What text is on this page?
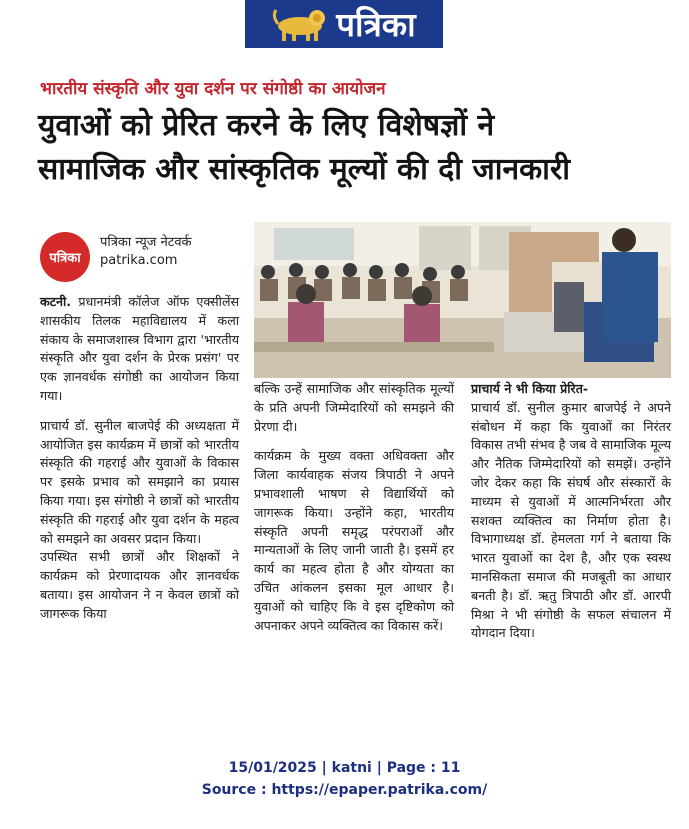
पत्रिका
भारतीय संस्कृति और युवा दर्शन पर संगोष्ठी का आयोजन
युवाओं को प्रेरित करने के लिए विशेषज्ञों ने
सामाजिक और सांस्कृतिक मूल्यों की दी जानकारी
पत्रिका
पत्रिका न्यूज नेटवर्क
patrika.com

कटनी. प्रधानमंत्री कॉलेज ऑफ एक्सीलेंस शासकीय तिलक महाविद्यालय में कला संकाय के समाजशास्त्र विभाग द्वारा 'भारतीय संस्कृति और युवा दर्शन के प्रेरक प्रसंग' पर एक ज्ञानवर्धक संगोष्ठी का आयोजन किया गया।

प्राचार्य डॉ. सुनील बाजपेई की अध्यक्षता में आयोजित इस कार्यक्रम में छात्रों को भारतीय संस्कृति की गहराई और युवाओं के विकास पर इसके प्रभाव को समझाने का प्रयास किया गया। इस संगोष्ठी ने छात्रों को भारतीय संस्कृति की गहराई और युवा दर्शन के महत्व को समझने का अवसर प्रदान किया।

उपस्थित सभी छात्रों और शिक्षकों ने कार्यक्रम को प्रेरणादायक और ज्ञानवर्धक बताया। इस आयोजन ने न केवल छात्रों को जागरूक किया

बल्कि उन्हें सामाजिक और सांस्कृतिक मूल्यों के प्रति अपनी जिम्मेदारियों को समझने की प्रेरणा दी।

कार्यक्रम के मुख्य वक्ता अधिवक्ता और जिला कार्यवाहक संजय त्रिपाठी ने अपने प्रभावशाली भाषण से विद्यार्थियों को जागरूक किया। उन्होंने कहा, भारतीय संस्कृति अपनी समृद्ध परंपराओं और मान्यताओं के लिए जानी जाती है। इसमें हर कार्य का महत्व होता है और योग्यता का उचित आंकलन इसका मूल आधार है। युवाओं को चाहिए कि वे इस दृष्टिकोण को अपनाकर अपने व्यक्तित्व का विकास करें।

प्राचार्य ने भी किया प्रेरित-

प्राचार्य डॉ. सुनील कुमार बाजपेई ने अपने संबोधन में कहा कि युवाओं का निरंतर विकास तभी संभव है जब वे सामाजिक मूल्य और नैतिक जिम्मेदारियों को समझें। उन्होंने जोर देकर कहा कि संघर्ष और संस्कारों के माध्यम से युवाओं में आत्मनिर्भरता और सशक्त व्यक्तित्व का निर्माण होता है। विभागाध्यक्ष डॉ. हेमलता गर्ग ने बताया कि भारत युवाओं का देश है, और एक स्वस्थ मानसिकता समाज की मजबूती का आधार बनती है। डॉ. ऋतु त्रिपाठी और डॉ. आरपी मिश्रा ने भी संगोष्ठी के सफल संचालन में योगदान दिया।

15/01/2025 | katni | Page : 11
Source : https://epaper.patrika.com/
